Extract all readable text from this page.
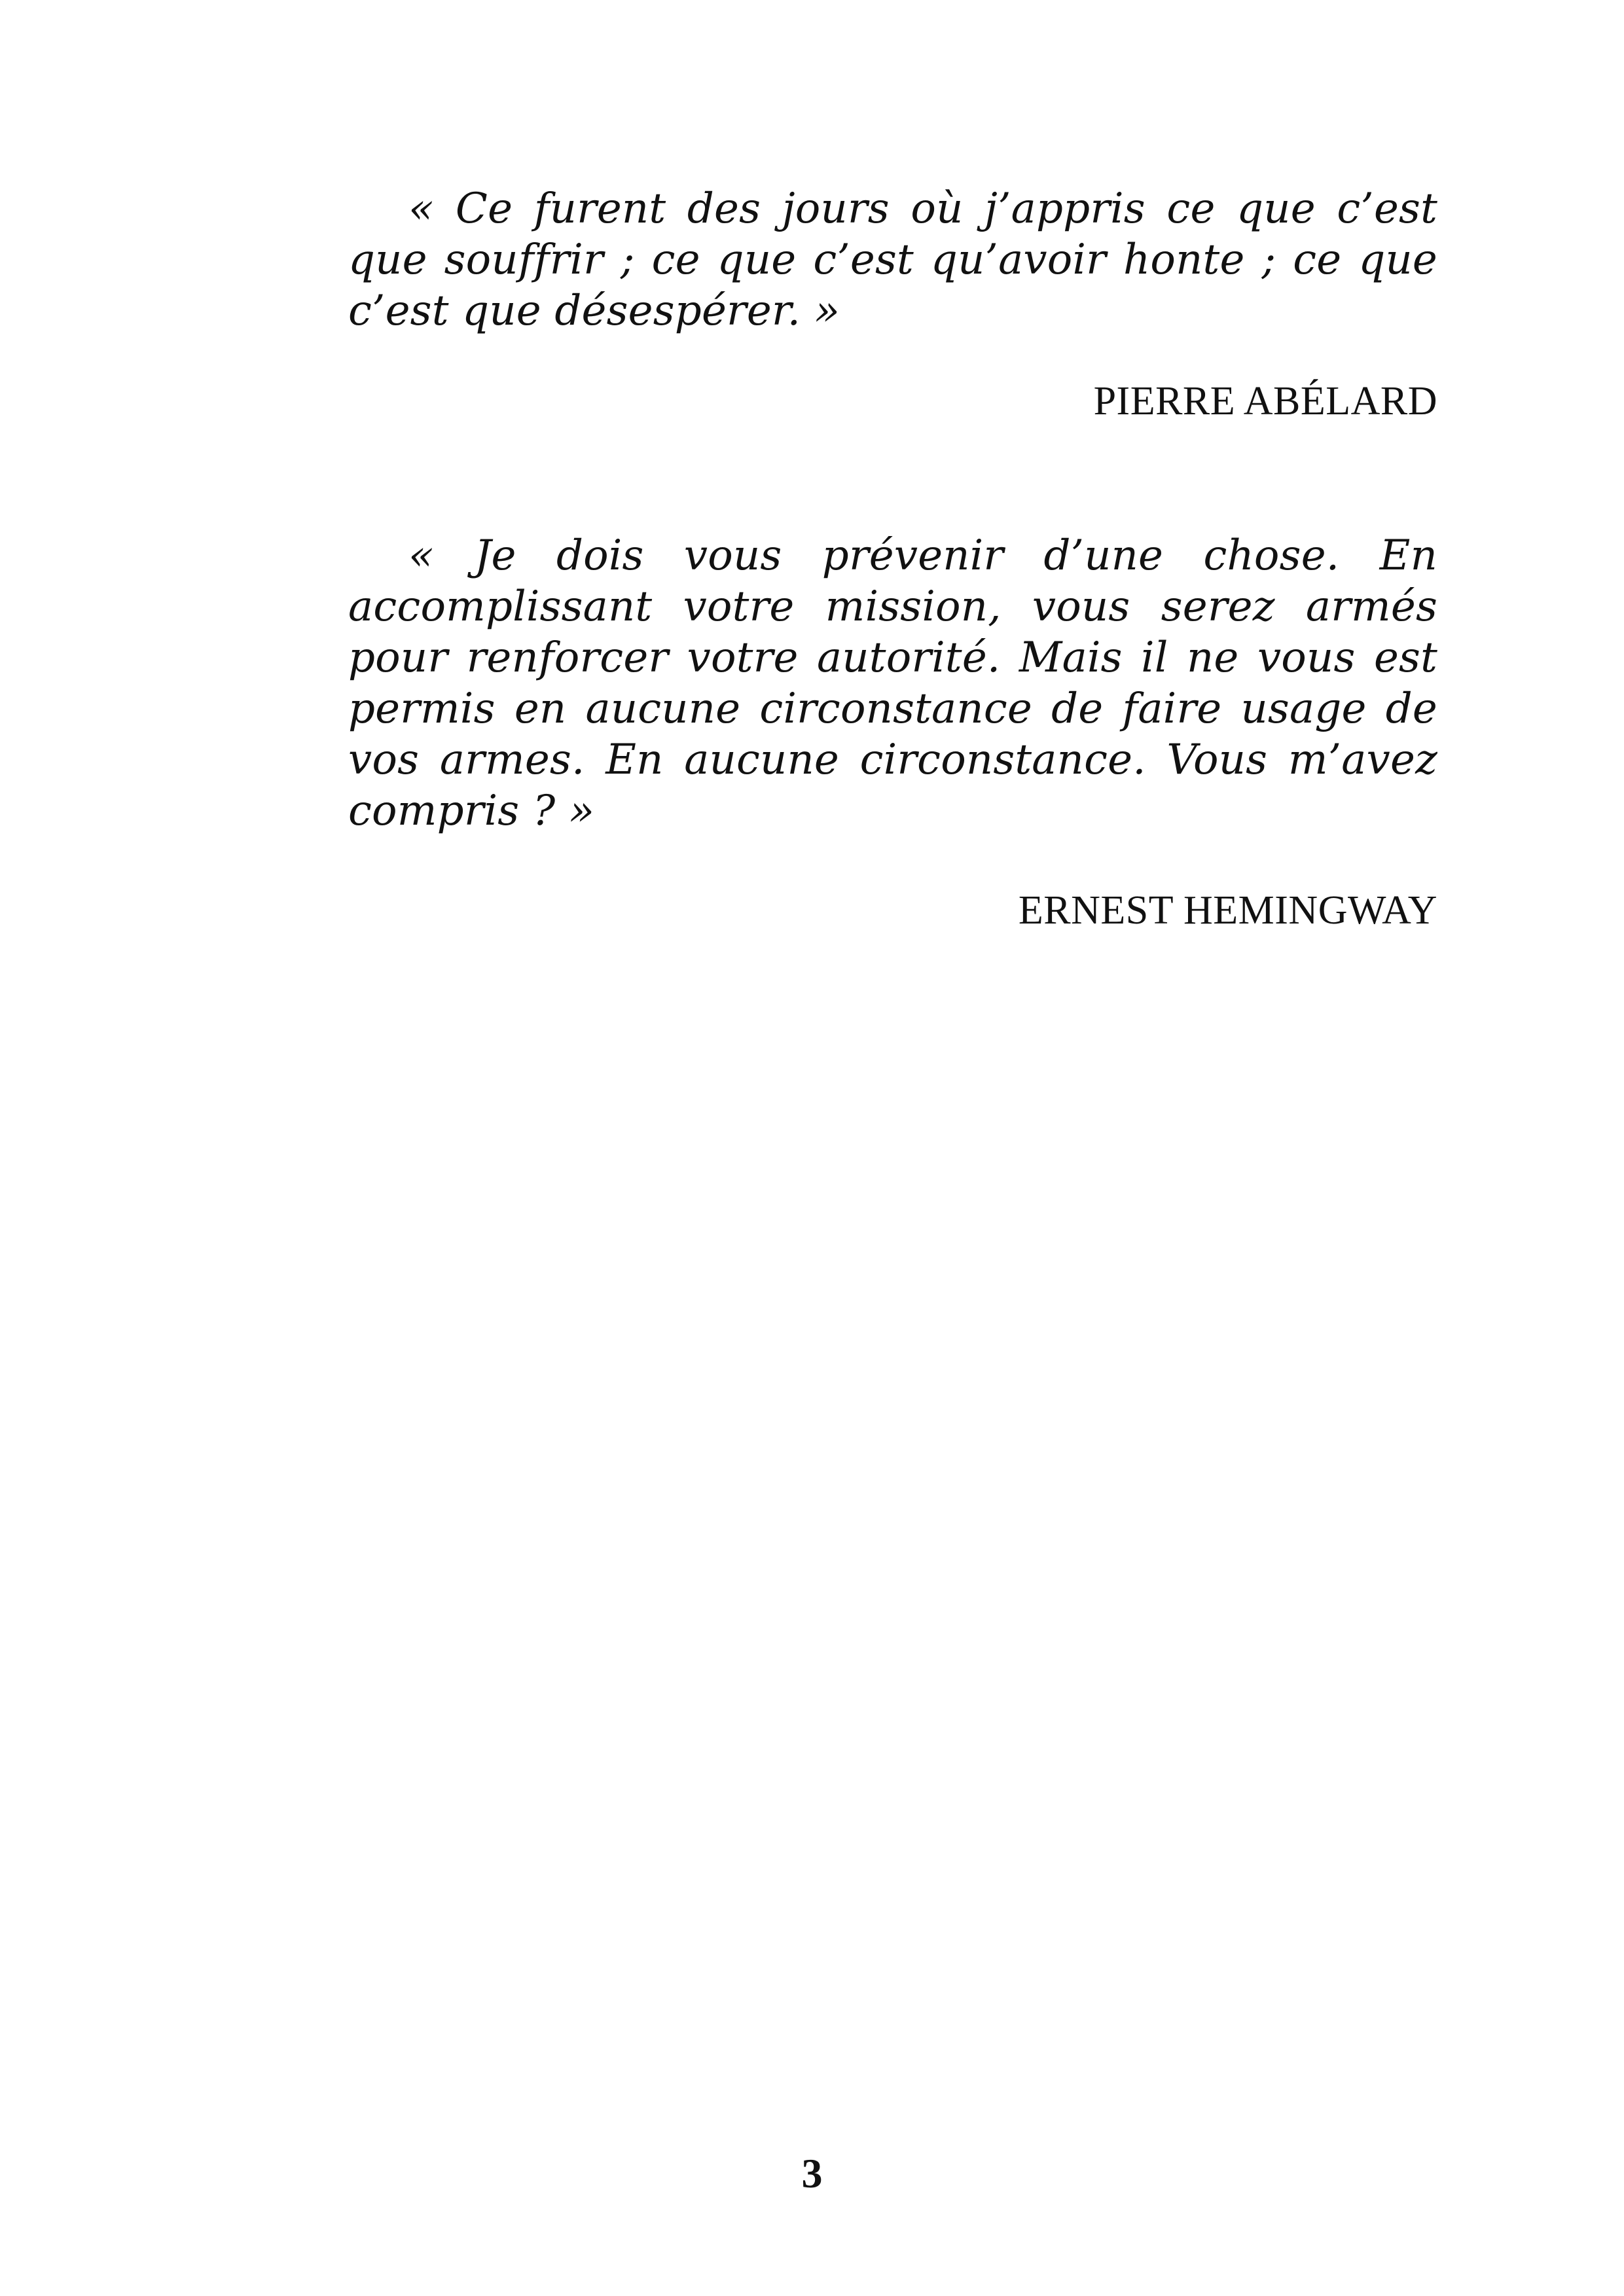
« Ce furent des jours où j’appris ce que c’est que souffrir ; ce que c’est qu’avoir honte ; ce que c’est que désespérer. »

PIERRE ABÉLARD

« Je dois vous prévenir d’une chose. En accomplissant votre mission, vous serez armés pour renforcer votre autorité. Mais il ne vous est permis en aucune circonstance de faire usage de vos armes. En aucune circonstance. Vous m’avez compris ? »

ERNEST HEMINGWAY

3
